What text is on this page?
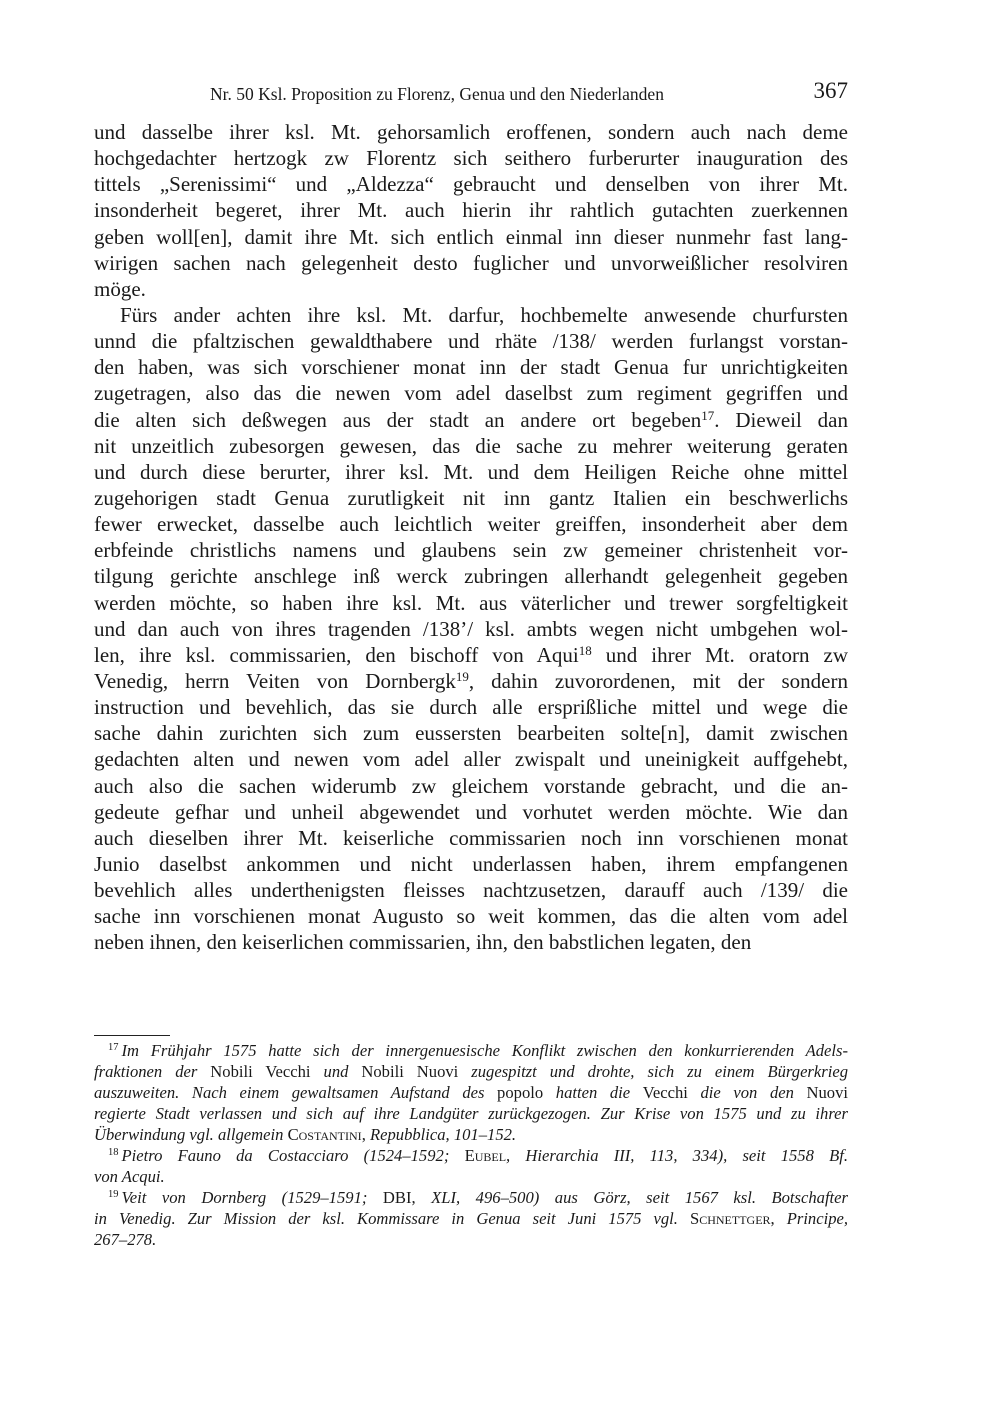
Nr. 50 Ksl. Proposition zu Florenz, Genua und den Niederlanden	367
und dasselbe ihrer ksl. Mt. gehorsamlich eroffenen, sondern auch nach deme
hochgedachter hertzogk zw Florentz sich seithero furberurter inauguration des
tittels „Serenissimi“ und „Aldezza“ gebraucht und denselben von ihrer Mt.
insonderheit begeret, ihrer Mt. auch hierin ihr rahtlich gutachten zuerkennen
geben woll[en], damit ihre Mt. sich entlich einmal inn dieser nunmehr fast lang-
wirigen sachen nach gelegenheit desto fuglicher und unvorweißlicher resolviren
möge.
Fürs ander achten ihre ksl. Mt. darfur, hochbemelte anwesende churfursten
unnd die pfaltzischen gewaldthabere und rhäte /138/ werden furlangst vorstan-
den haben, was sich vorschiener monat inn der stadt Genua fur unrichtigkeiten
zugetragen, also das die newen vom adel daselbst zum regiment gegriffen und
die alten sich deßwegen aus der stadt an andere ort begeben$^{17}$. Dieweil dan
nit unzeitlich zubesorgen gewesen, das die sache zu mehrer weiterung geraten
und durch diese berurter, ihrer ksl. Mt. und dem Heiligen Reiche ohne mittel
zugehorigen stadt Genua zurutligkeit nit inn gantz Italien ein beschwerlichs
fewer erwecket, dasselbe auch leichtlich weiter greiffen, insonderheit aber dem
erbfeinde christlichs namens und glaubens sein zw gemeiner christenheit vor-
tilgung gerichte anschlege inß werck zubringen allerhandt gelegenheit gegeben
werden möchte, so haben ihre ksl. Mt. aus väterlicher und trewer sorgfeltigkeit
und dan auch von ihres tragenden /138’/ ksl. ambts wegen nicht umbgehen wol-
len, ihre ksl. commissarien, den bischoff von Aqui$^{18}$ und ihrer Mt. oratorn zw
Venedig, herrn Veiten von Dornbergk$^{19}$, dahin zuvorordenen, mit der sondern
instruction und bevehlich, das sie durch alle ersprißliche mittel und wege die
sache dahin zurichten sich zum eussersten bearbeiten solte[n], damit zwischen
gedachten alten und newen vom adel aller zwispalt und uneinigkeit auffgehebt,
auch also die sachen widerumb zw gleichem vorstande gebracht, und die an-
gedeute gefhar und unheil abgewendet und vorhutet werden möchte. Wie dan
auch dieselben ihrer Mt. keiserliche commissarien noch inn vorschienen monat
Junio daselbst ankommen und nicht underlassen haben, ihrem empfangenen
bevehlich alles underthenigsten fleisses nachtzusetzen, darauff auch /139/ die
sache inn vorschienen monat Augusto so weit kommen, das die alten vom adel
neben ihnen, den keiserlichen commissarien, ihn, den babstlichen legaten, den
$^{17}$ Im Frühjahr 1575 hatte sich der innergenuesische Konflikt zwischen den konkurrierenden Adels-
fraktionen der Nobili Vecchi und Nobili Nuovi zugespitzt und drohte, sich zu einem Bürgerkrieg
auszuweiten. Nach einem gewaltsamen Aufstand des popolo hatten die Vecchi die von den Nuovi
regierte Stadt verlassen und sich auf ihre Landgüter zurückgezogen. Zur Krise von 1575 und zu ihrer
Überwindung vgl. allgemein Costantini, Repubblica, 101–152.
$^{18}$ Pietro Fauno da Costacciaro (1524–1592; Eubel, Hierarchia III, 113, 334), seit 1558 Bf.
von Acqui.
$^{19}$ Veit von Dornberg (1529–1591; DBI, XLI, 496–500) aus Görz, seit 1567 ksl. Botschafter
in Venedig. Zur Mission der ksl. Kommissare in Genua seit Juni 1575 vgl. Schnettger, Principe,
267–278.
